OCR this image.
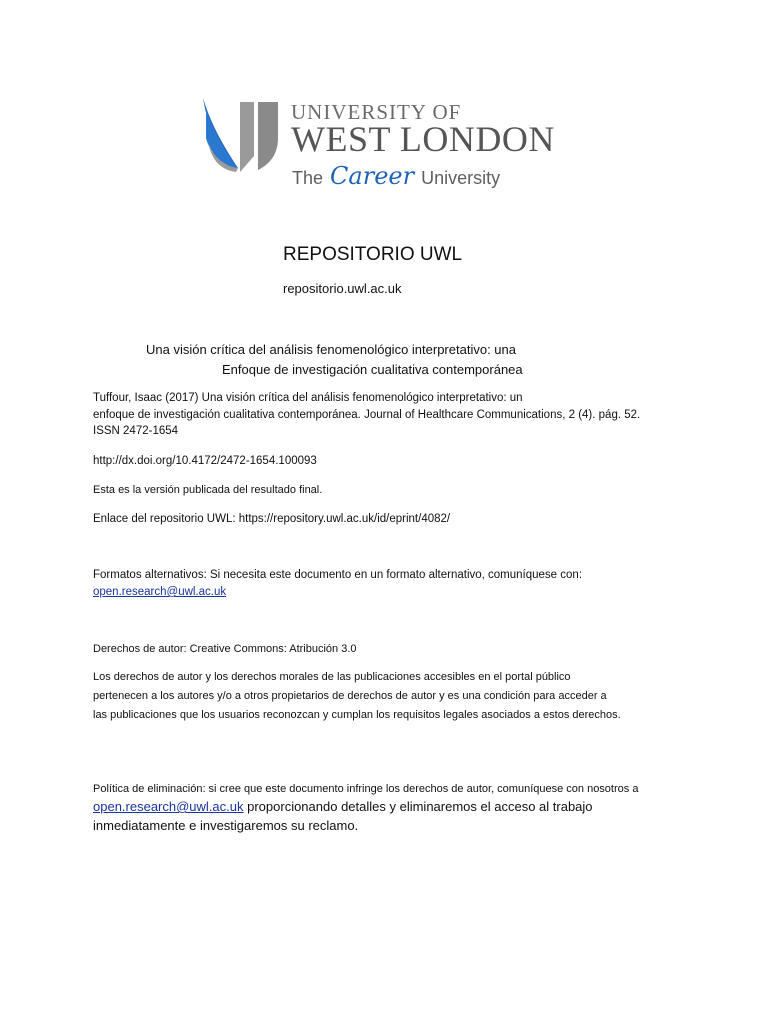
UNIVERSITY OF
WEST LONDON
The Career University
REPOSITORIO UWL
repositorio.uwl.ac.uk
Una visión crítica del análisis fenomenológico interpretativo: una
Enfoque de investigación cualitativa contemporánea
Tuffour, Isaac (2017) Una visión crítica del análisis fenomenológico interpretativo: un
enfoque de investigación cualitativa contemporánea. Journal of Healthcare Communications, 2 (4). pág. 52.
ISSN 2472-1654
http://dx.doi.org/10.4172/2472-1654.100093
Esta es la versión publicada del resultado final.
Enlace del repositorio UWL: https://repository.uwl.ac.uk/id/eprint/4082/
Formatos alternativos: Si necesita este documento en un formato alternativo, comuníquese con:
open.research@uwl.ac.uk
Derechos de autor: Creative Commons: Atribución 3.0
Los derechos de autor y los derechos morales de las publicaciones accesibles en el portal público
pertenecen a los autores y/o a otros propietarios de derechos de autor y es una condición para acceder a
las publicaciones que los usuarios reconozcan y cumplan los requisitos legales asociados a estos derechos.
Política de eliminación: si cree que este documento infringe los derechos de autor, comuníquese con nosotros a
open.research@uwl.ac.uk proporcionando detalles y eliminaremos el acceso al trabajo
inmediatamente e investigaremos su reclamo.
